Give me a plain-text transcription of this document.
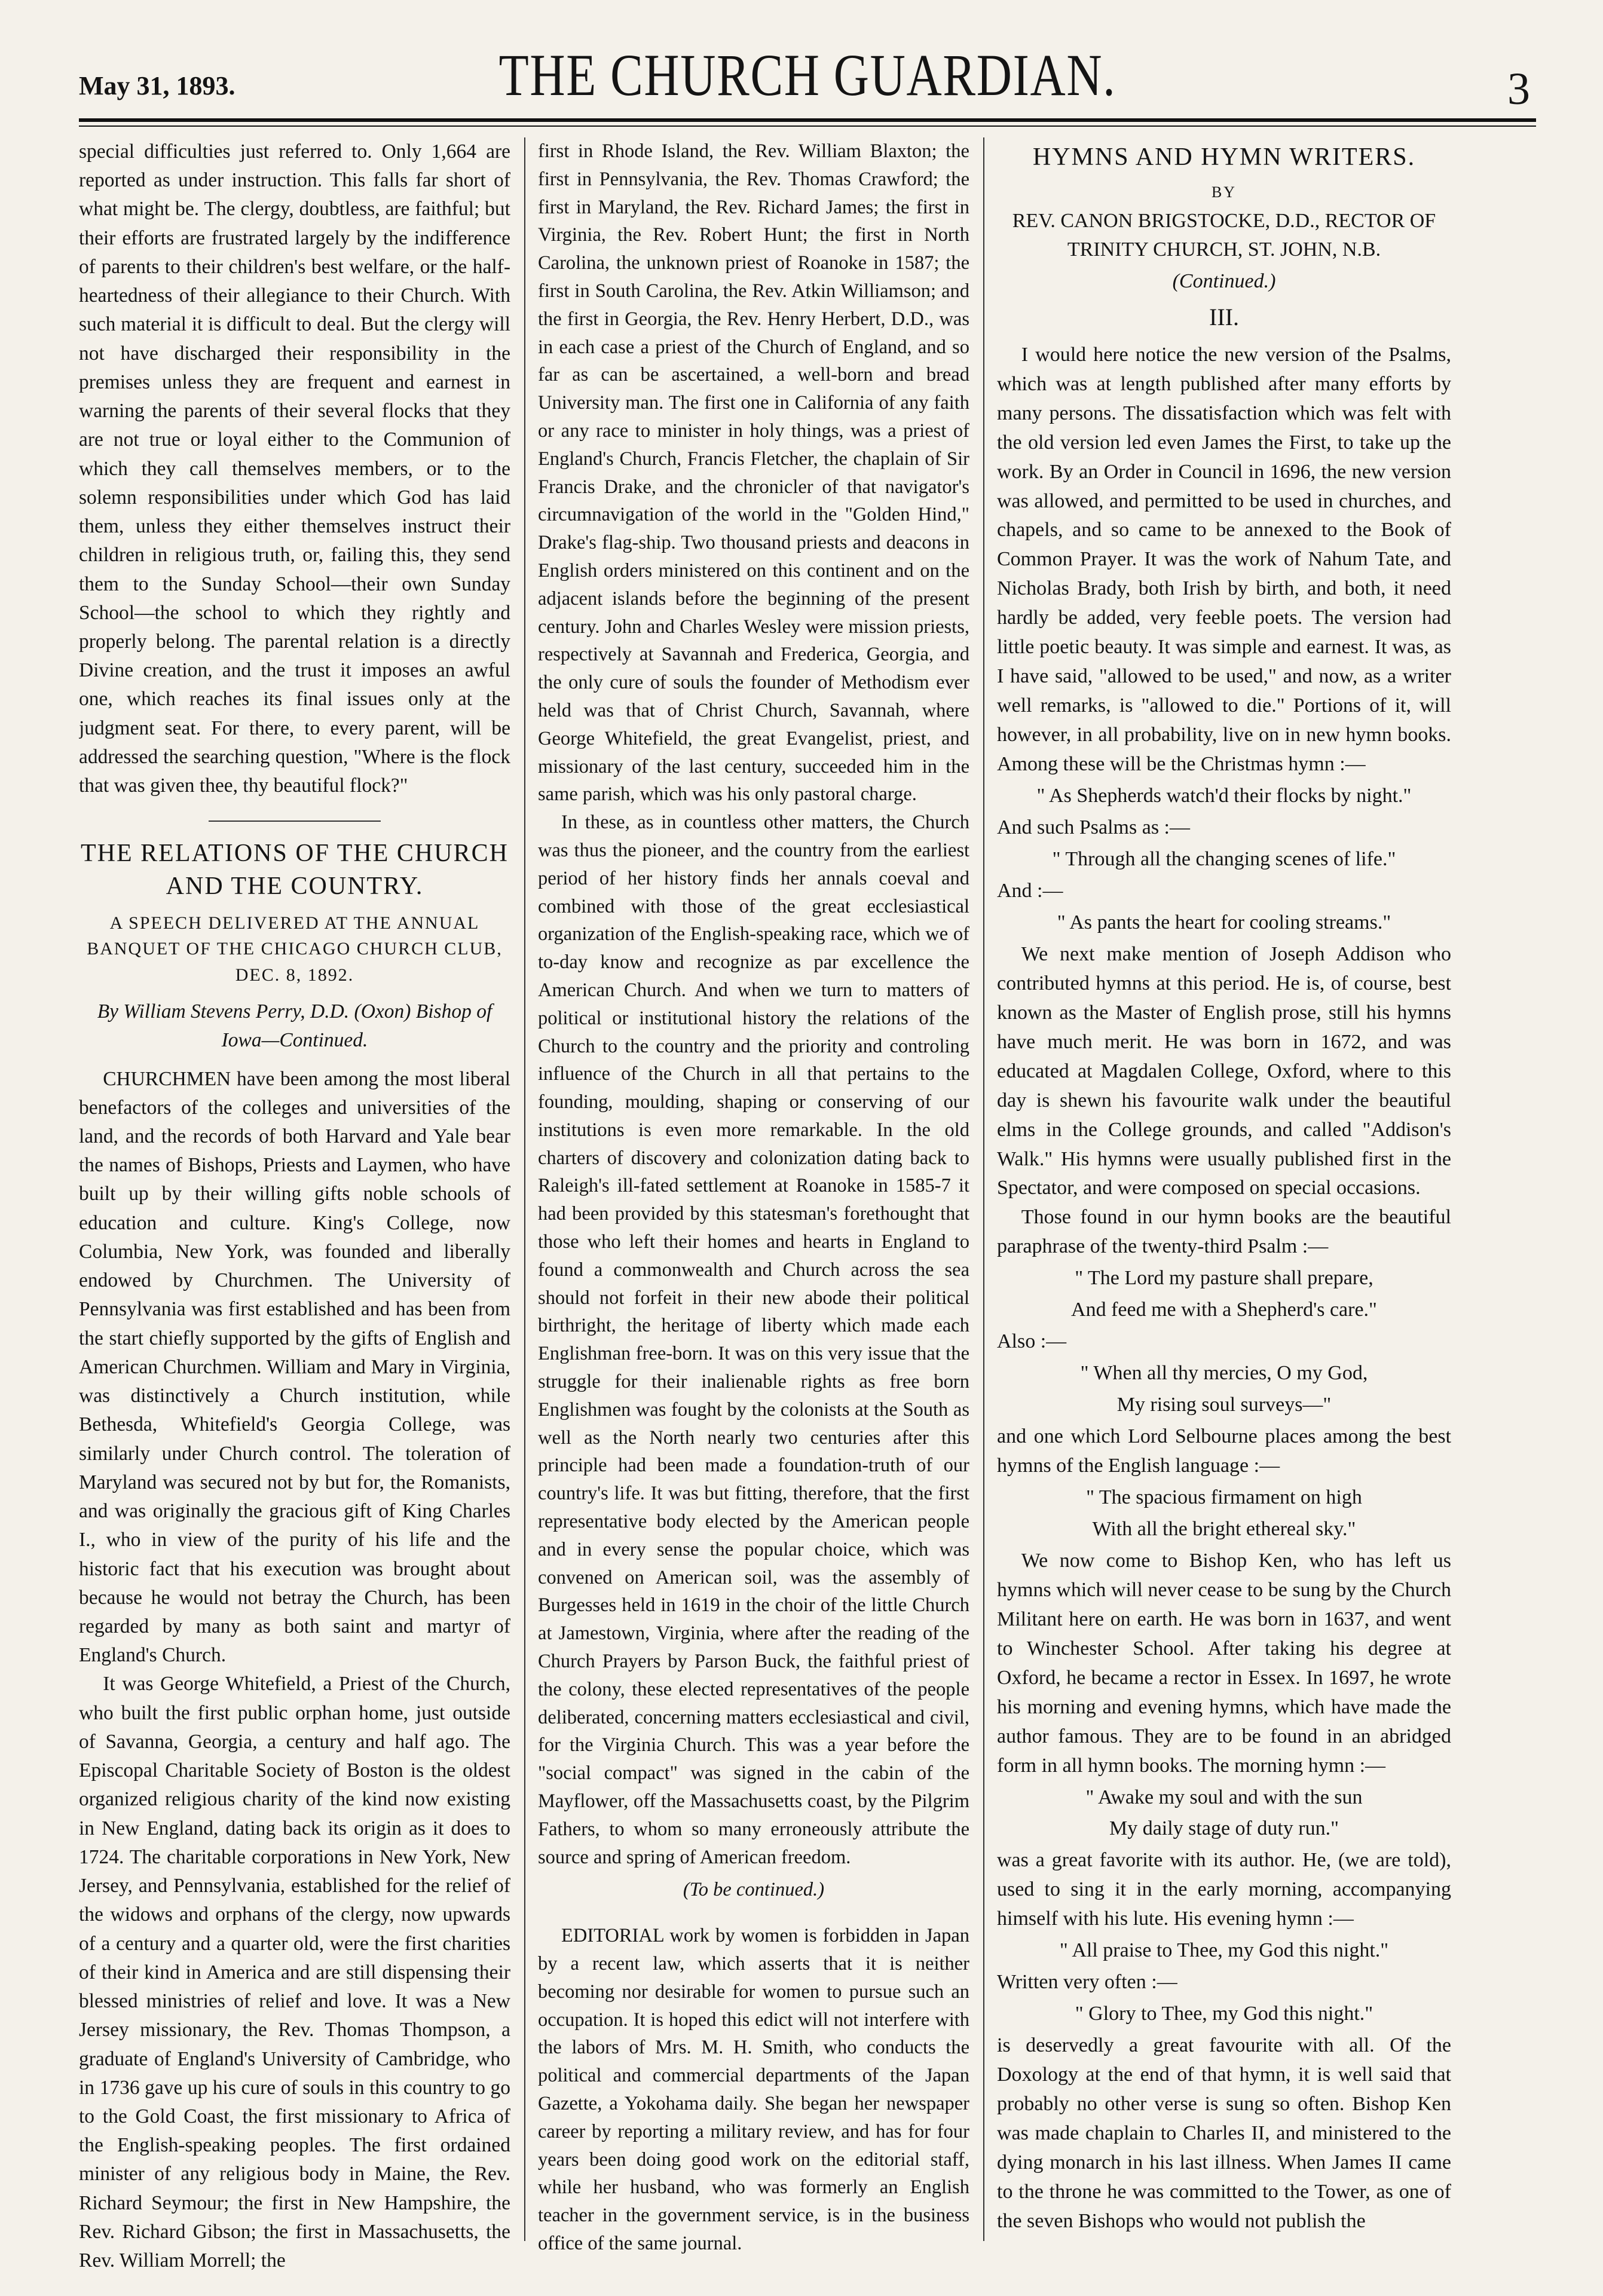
May 31, 1893.	THE CHURCH GUARDIAN.	3

special difficulties just referred to. Only 1,664 are reported as under instruction. This falls far short of what might be. The clergy, doubtless, are faithful; but their efforts are frustrated largely by the indifference of parents to their children's best welfare, or the half-heartedness of their allegiance to their Church. With such material it is difficult to deal. But the clergy will not have discharged their responsibility in the premises unless they are frequent and earnest in warning the parents of their several flocks that they are not true or loyal either to the Communion of which they call themselves members, or to the solemn responsibilities under which God has laid them, unless they either themselves instruct their children in religious truth, or, failing this, they send them to the Sunday School—their own Sunday School—the school to which they rightly and properly belong. The parental relation is a directly Divine creation, and the trust it imposes an awful one, which reaches its final issues only at the judgment seat. For there, to every parent, will be addressed the searching question, "Where is the flock that was given thee, thy beautiful flock?"

THE RELATIONS OF THE CHURCH AND THE COUNTRY.
A SPEECH DELIVERED AT THE ANNUAL BANQUET OF THE CHICAGO CHURCH CLUB, DEC. 8, 1892.
By William Stevens Perry, D.D. (Oxon) Bishop of Iowa—Continued.

CHURCHMEN have been among the most liberal benefactors of the colleges and universities of the land, and the records of both Harvard and Yale bear the names of Bishops, Priests and Laymen, who have built up by their willing gifts noble schools of education and culture. King's College, now Columbia, New York, was founded and liberally endowed by Churchmen. The University of Pennsylvania was first established and has been from the start chiefly supported by the gifts of English and American Churchmen. William and Mary in Virginia, was distinctively a Church institution, while Bethesda, Whitefield's Georgia College, was similarly under Church control. The toleration of Maryland was secured not by but for, the Romanists, and was originally the gracious gift of King Charles I., who in view of the purity of his life and the historic fact that his execution was brought about because he would not betray the Church, has been regarded by many as both saint and martyr of England's Church.

It was George Whitefield, a Priest of the Church, who built the first public orphan home, just outside of Savanna, Georgia, a century and half ago. The Episcopal Charitable Society of Boston is the oldest organized religious charity of the kind now existing in New England, dating back its origin as it does to 1724. The charitable corporations in New York, New Jersey, and Pennsylvania, established for the relief of the widows and orphans of the clergy, now upwards of a century and a quarter old, were the first charities of their kind in America and are still dispensing their blessed ministries of relief and love. It was a New Jersey missionary, the Rev. Thomas Thompson, a graduate of England's University of Cambridge, who in 1736 gave up his cure of souls in this country to go to the Gold Coast, the first missionary to Africa of the English-speaking peoples. The first ordained minister of any religious body in Maine, the Rev. Richard Seymour; the first in New Hampshire, the Rev. Richard Gibson; the first in Massachusetts, the Rev. William Morrell; the

first in Rhode Island, the Rev. William Blaxton; the first in Pennsylvania, the Rev. Thomas Crawford; the first in Maryland, the Rev. Richard James; the first in Virginia, the Rev. Robert Hunt; the first in North Carolina, the unknown priest of Roanoke in 1587; the first in South Carolina, the Rev. Atkin Williamson; and the first in Georgia, the Rev. Henry Herbert, D.D., was in each case a priest of the Church of England, and so far as can be ascertained, a well-born and bread University man. The first one in California of any faith or any race to minister in holy things, was a priest of England's Church, Francis Fletcher, the chaplain of Sir Francis Drake, and the chronicler of that navigator's circumnavigation of the world in the "Golden Hind," Drake's flag-ship. Two thousand priests and deacons in English orders ministered on this continent and on the adjacent islands before the beginning of the present century. John and Charles Wesley were mission priests, respectively at Savannah and Frederica, Georgia, and the only cure of souls the founder of Methodism ever held was that of Christ Church, Savannah, where George Whitefield, the great Evangelist, priest, and missionary of the last century, succeeded him in the same parish, which was his only pastoral charge.

In these, as in countless other matters, the Church was thus the pioneer, and the country from the earliest period of her history finds her annals coeval and combined with those of the great ecclesiastical organization of the English-speaking race, which we of to-day know and recognize as par excellence the American Church. And when we turn to matters of political or institutional history the relations of the Church to the country and the priority and controling influence of the Church in all that pertains to the founding, moulding, shaping or conserving of our institutions is even more remarkable. In the old charters of discovery and colonization dating back to Raleigh's ill-fated settlement at Roanoke in 1585-7 it had been provided by this statesman's forethought that those who left their homes and hearts in England to found a commonwealth and Church across the sea should not forfeit in their new abode their political birthright, the heritage of liberty which made each Englishman free-born. It was on this very issue that the struggle for their inalienable rights as free born Englishmen was fought by the colonists at the South as well as the North nearly two centuries after this principle had been made a foundation-truth of our country's life. It was but fitting, therefore, that the first representative body elected by the American people and in every sense the popular choice, which was convened on American soil, was the assembly of Burgesses held in 1619 in the choir of the little Church at Jamestown, Virginia, where after the reading of the Church Prayers by Parson Buck, the faithful priest of the colony, these elected representatives of the people deliberated, concerning matters ecclesiastical and civil, for the Virginia Church. This was a year before the "social compact" was signed in the cabin of the Mayflower, off the Massachusetts coast, by the Pilgrim Fathers, to whom so many erroneously attribute the source and spring of American freedom.

(To be continued.)

EDITORIAL work by women is forbidden in Japan by a recent law, which asserts that it is neither becoming nor desirable for women to pursue such an occupation. It is hoped this edict will not interfere with the labors of Mrs. M. H. Smith, who conducts the political and commercial departments of the Japan Gazette, a Yokohama daily. She began her newspaper career by reporting a military review, and has for four years been doing good work on the editorial staff, while her husband, who was formerly an English teacher in the government service, is in the business office of the same journal.

HYMNS AND HYMN WRITERS.
BY
REV. CANON BRIGSTOCKE, D.D., RECTOR OF TRINITY CHURCH, ST. JOHN, N.B.
(Continued.)
III.

I would here notice the new version of the Psalms, which was at length published after many efforts by many persons. The dissatisfaction which was felt with the old version led even James the First, to take up the work. By an Order in Council in 1696, the new version was allowed, and permitted to be used in churches, and chapels, and so came to be annexed to the Book of Common Prayer. It was the work of Nahum Tate, and Nicholas Brady, both Irish by birth, and both, it need hardly be added, very feeble poets. The version had little poetic beauty. It was simple and earnest. It was, as I have said, "allowed to be used," and now, as a writer well remarks, is "allowed to die." Portions of it, will however, in all probability, live on in new hymn books. Among these will be the Christmas hymn :—

" As Shepherds watch'd their flocks by night."

And such Psalms as :—

" Through all the changing scenes of life."

And :—

" As pants the heart for cooling streams."

We next make mention of Joseph Addison who contributed hymns at this period. He is, of course, best known as the Master of English prose, still his hymns have much merit. He was born in 1672, and was educated at Magdalen College, Oxford, where to this day is shewn his favourite walk under the beautiful elms in the College grounds, and called "Addison's Walk." His hymns were usually published first in the Spectator, and were composed on special occasions.

Those found in our hymn books are the beautiful paraphrase of the twenty-third Psalm :—

" The Lord my pasture shall prepare,

And feed me with a Shepherd's care."

Also :—

" When all thy mercies, O my God,

My rising soul surveys—"

and one which Lord Selbourne places among the best hymns of the English language :—

" The spacious firmament on high

With all the bright ethereal sky."

We now come to Bishop Ken, who has left us hymns which will never cease to be sung by the Church Militant here on earth. He was born in 1637, and went to Winchester School. After taking his degree at Oxford, he became a rector in Essex. In 1697, he wrote his morning and evening hymns, which have made the author famous. They are to be found in an abridged form in all hymn books. The morning hymn :—

" Awake my soul and with the sun

My daily stage of duty run."

was a great favorite with its author. He, (we are told), used to sing it in the early morning, accompanying himself with his lute. His evening hymn :—

" All praise to Thee, my God this night."

Written very often :—

" Glory to Thee, my God this night."

is deservedly a great favourite with all. Of the Doxology at the end of that hymn, it is well said that probably no other verse is sung so often. Bishop Ken was made chaplain to Charles II, and ministered to the dying monarch in his last illness. When James II came to the throne he was committed to the Tower, as one of the seven Bishops who would not publish the
